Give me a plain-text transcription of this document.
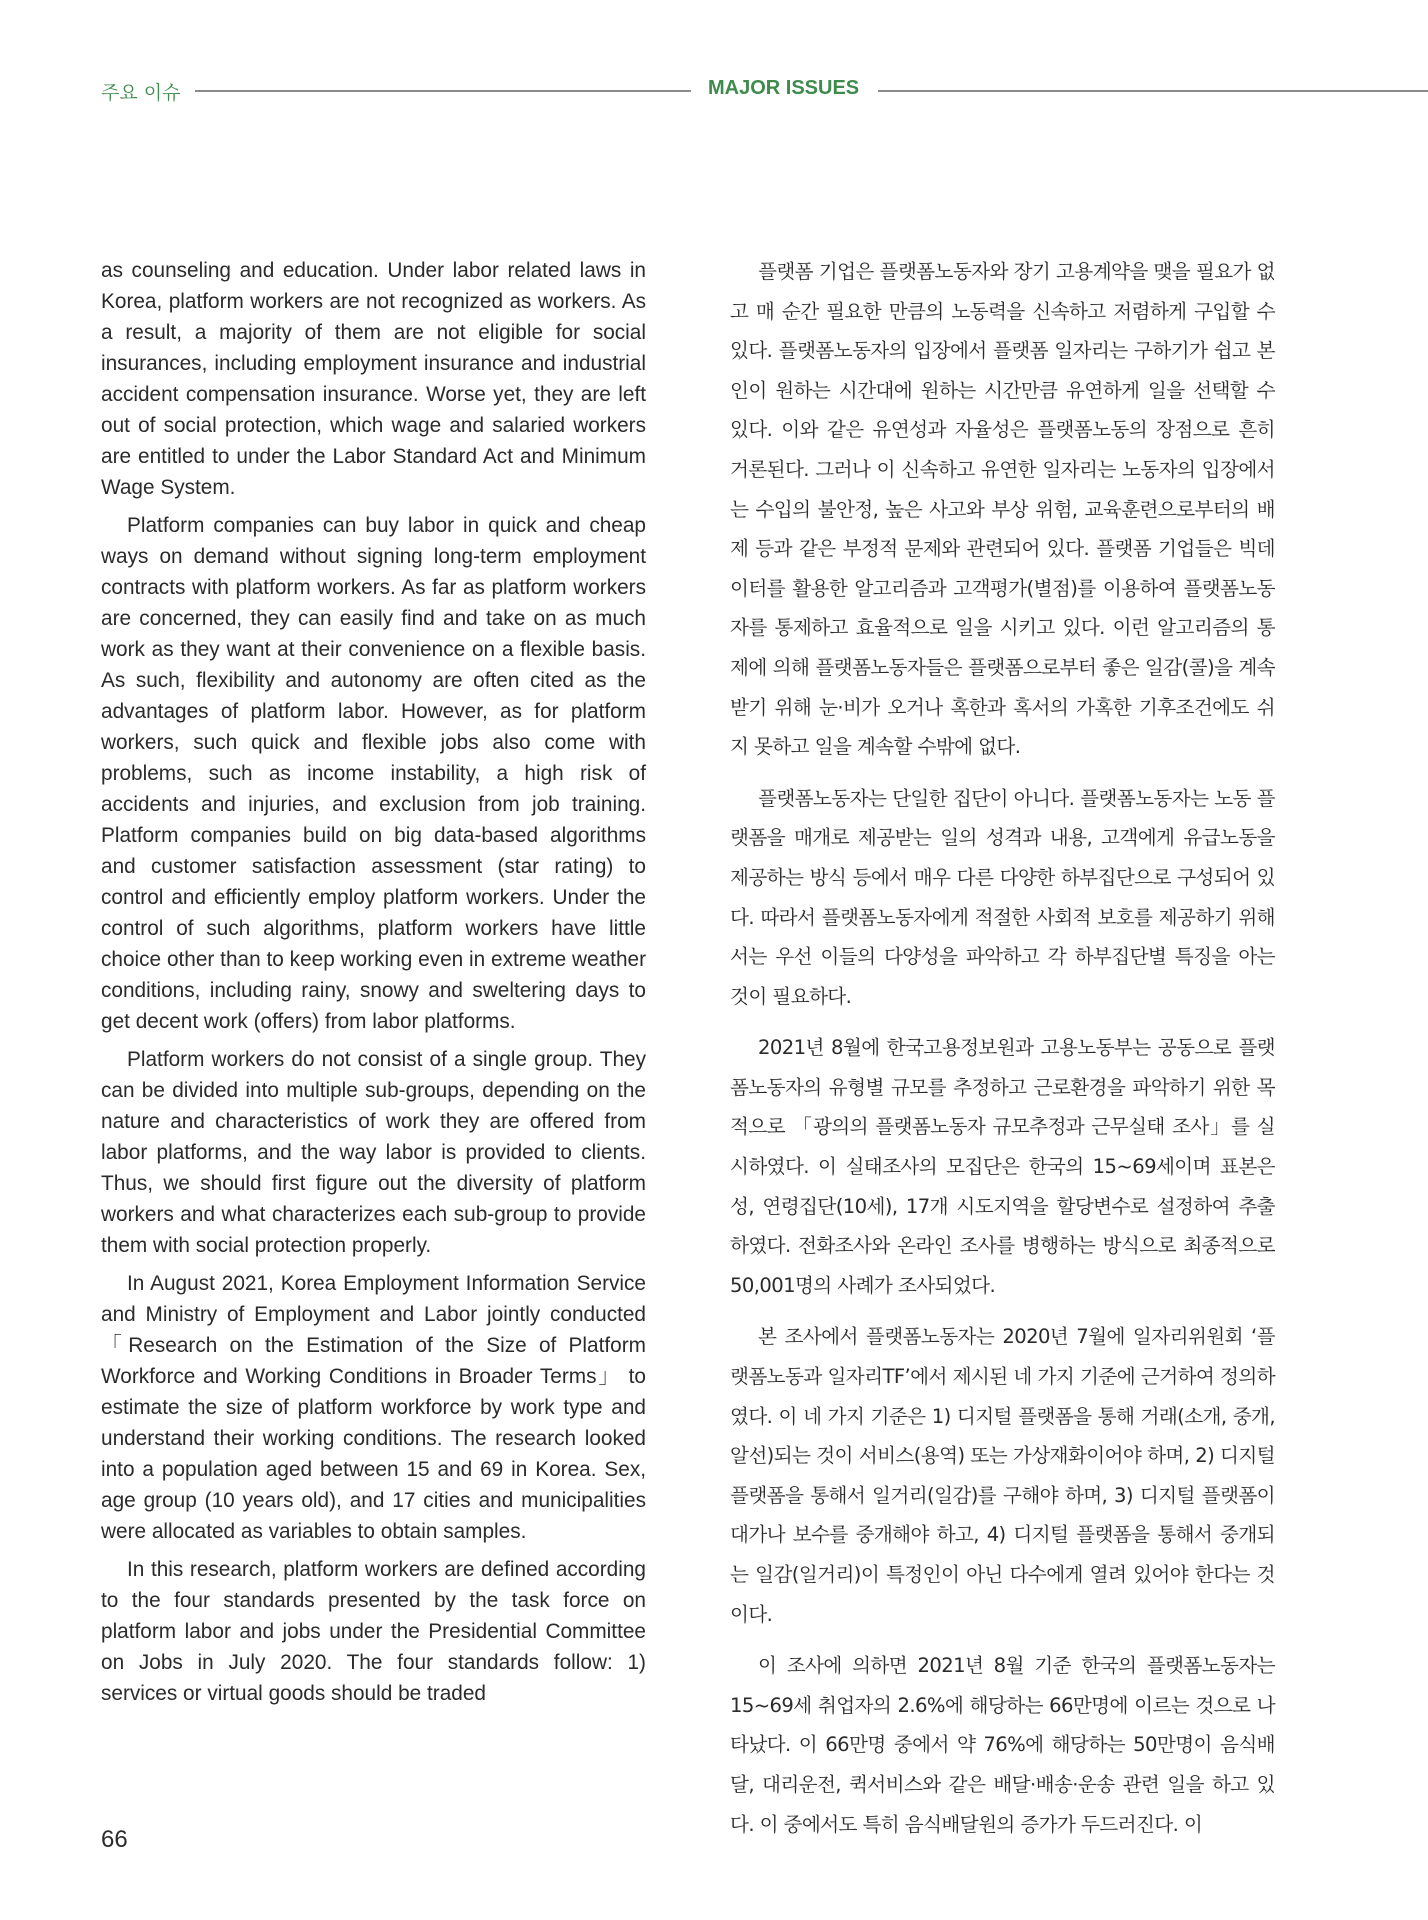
주요 이슈	MAJOR ISSUES

as counseling and education. Under labor related laws in Korea, platform workers are not recognized as workers. As a result, a majority of them are not eligible for social insurances, including employment insurance and industrial accident compensation insurance. Worse yet, they are left out of social protection, which wage and salaried workers are entitled to under the Labor Standard Act and Minimum Wage System.

Platform companies can buy labor in quick and cheap ways on demand without signing long-term employment contracts with platform workers. As far as platform workers are concerned, they can easily find and take on as much work as they want at their convenience on a flexible basis. As such, flexibility and autonomy are often cited as the advantages of platform labor. However, as for platform workers, such quick and flexible jobs also come with problems, such as income instability, a high risk of accidents and injuries, and exclusion from job training. Platform companies build on big data-based algorithms and customer satisfaction assessment (star rating) to control and efficiently employ platform workers. Under the control of such algorithms, platform workers have little choice other than to keep working even in extreme weather conditions, including rainy, snowy and sweltering days to get decent work (offers) from labor platforms.

Platform workers do not consist of a single group. They can be divided into multiple sub-groups, depending on the nature and characteristics of work they are offered from labor platforms, and the way labor is provided to clients. Thus, we should first figure out the diversity of platform workers and what characterizes each sub-group to provide them with social protection properly.

In August 2021, Korea Employment Information Service and Ministry of Employment and Labor jointly conducted 「Research on the Estimation of the Size of Platform Workforce and Working Conditions in Broader Terms」 to estimate the size of platform workforce by work type and understand their working conditions. The research looked into a population aged between 15 and 69 in Korea. Sex, age group (10 years old), and 17 cities and municipalities were allocated as variables to obtain samples.

In this research, platform workers are defined according to the four standards presented by the task force on platform labor and jobs under the Presidential Committee on Jobs in July 2020. The four standards follow: 1) services or virtual goods should be traded

플랫폼 기업은 플랫폼노동자와 장기 고용계약을 맺을 필요가 없고 매 순간 필요한 만큼의 노동력을 신속하고 저렴하게 구입할 수 있다. 플랫폼노동자의 입장에서 플랫폼 일자리는 구하기가 쉽고 본인이 원하는 시간대에 원하는 시간만큼 유연하게 일을 선택할 수 있다. 이와 같은 유연성과 자율성은 플랫폼노동의 장점으로 흔히 거론된다. 그러나 이 신속하고 유연한 일자리는 노동자의 입장에서는 수입의 불안정, 높은 사고와 부상 위험, 교육훈련으로부터의 배제 등과 같은 부정적 문제와 관련되어 있다. 플랫폼 기업들은 빅데이터를 활용한 알고리즘과 고객평가(별점)를 이용하여 플랫폼노동자를 통제하고 효율적으로 일을 시키고 있다. 이런 알고리즘의 통제에 의해 플랫폼노동자들은 플랫폼으로부터 좋은 일감(콜)을 계속 받기 위해 눈·비가 오거나 혹한과 혹서의 가혹한 기후조건에도 쉬지 못하고 일을 계속할 수밖에 없다.

플랫폼노동자는 단일한 집단이 아니다. 플랫폼노동자는 노동 플랫폼을 매개로 제공받는 일의 성격과 내용, 고객에게 유급노동을 제공하는 방식 등에서 매우 다른 다양한 하부집단으로 구성되어 있다. 따라서 플랫폼노동자에게 적절한 사회적 보호를 제공하기 위해서는 우선 이들의 다양성을 파악하고 각 하부집단별 특징을 아는 것이 필요하다.

2021년 8월에 한국고용정보원과 고용노동부는 공동으로 플랫폼노동자의 유형별 규모를 추정하고 근로환경을 파악하기 위한 목적으로 「광의의 플랫폼노동자 규모추정과 근무실태 조사」를 실시하였다. 이 실태조사의 모집단은 한국의 15~69세이며 표본은 성, 연령집단(10세), 17개 시도지역을 할당변수로 설정하여 추출하였다. 전화조사와 온라인 조사를 병행하는 방식으로 최종적으로 50,001명의 사례가 조사되었다.

본 조사에서 플랫폼노동자는 2020년 7월에 일자리위원회 ‘플랫폼노동과 일자리TF’에서 제시된 네 가지 기준에 근거하여 정의하였다. 이 네 가지 기준은 1) 디지털 플랫폼을 통해 거래(소개, 중개, 알선)되는 것이 서비스(용역) 또는 가상재화이어야 하며, 2) 디지털 플랫폼을 통해서 일거리(일감)를 구해야 하며, 3) 디지털 플랫폼이 대가나 보수를 중개해야 하고, 4) 디지털 플랫폼을 통해서 중개되는 일감(일거리)이 특정인이 아닌 다수에게 열려 있어야 한다는 것이다.

이 조사에 의하면 2021년 8월 기준 한국의 플랫폼노동자는 15~69세 취업자의 2.6%에 해당하는 66만명에 이르는 것으로 나타났다. 이 66만명 중에서 약 76%에 해당하는 50만명이 음식배달, 대리운전, 퀵서비스와 같은 배달·배송·운송 관련 일을 하고 있다. 이 중에서도 특히 음식배달원의 증가가 두드러진다. 이

66
